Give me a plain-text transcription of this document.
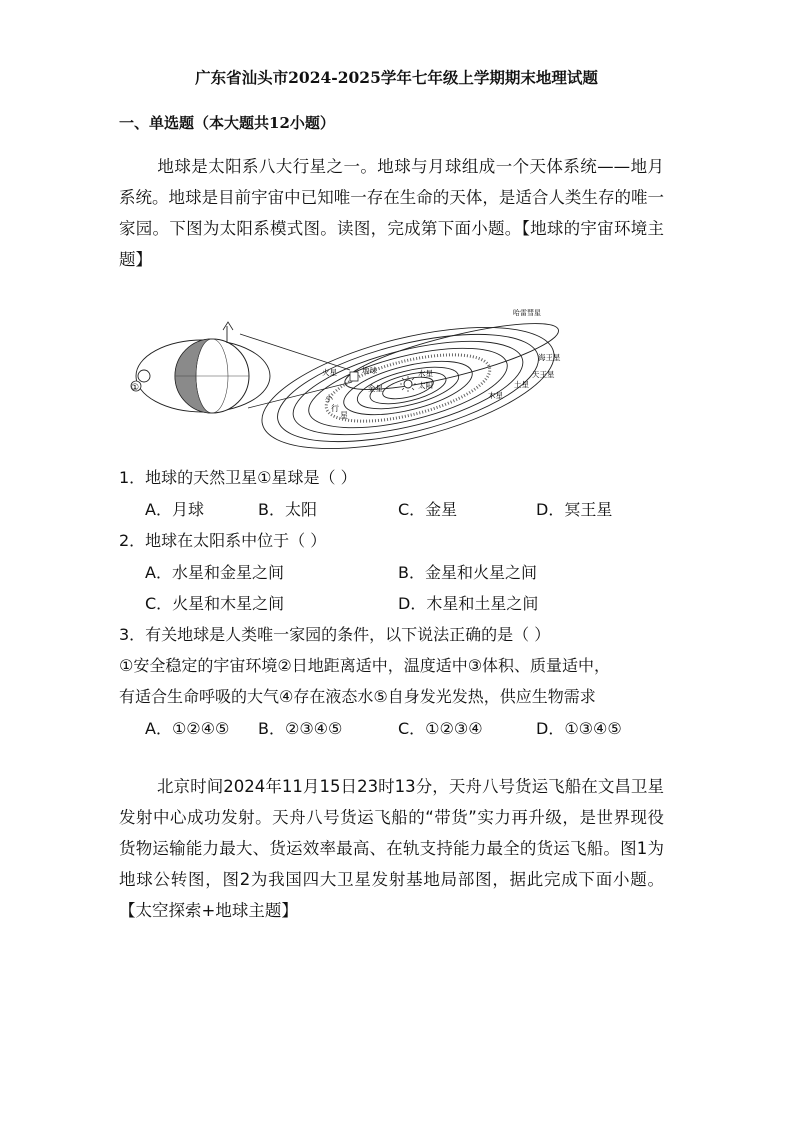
广东省汕头市2024-2025学年七年级上学期期末地理试题
一、单选题（本大题共12小题）
地球是太阳系八大行星之一。地球与月球组成一个天体系统——地月系统。地球是目前宇宙中已知唯一存在生命的天体，是适合人类生存的唯一家园。下图为太阳系模式图。读图，完成第下面小题。【地球的宇宙环境主题】
①
哈雷彗星
海王星
天王星
土星
木星
火星	地球
金星
水星
太阳
小
行
星
1．地球的天然卫星①星球是（ ）
A．月球	B．太阳	C．金星	D．冥王星
2．地球在太阳系中位于（ ）
A．水星和金星之间	B．金星和火星之间
C．火星和木星之间	D．木星和土星之间
3．有关地球是人类唯一家园的条件，以下说法正确的是（ ）
①安全稳定的宇宙环境②日地距离适中，温度适中③体积、质量适中，
有适合生命呼吸的大气④存在液态水⑤自身发光发热，供应生物需求
A．①②④⑤ B．②③④⑤	C．①②③④	D．①③④⑤
北京时间2024年11月15日23时13分，天舟八号货运飞船在文昌卫星发射中心成功发射。天舟八号货运飞船的“带货”实力再升级，是世界现役货物运输能力最大、货运效率最高、在轨支持能力最全的货运飞船。图1为地球公转图，图2为我国四大卫星发射基地局部图，据此完成下面小题。【太空探索+地球主题】
